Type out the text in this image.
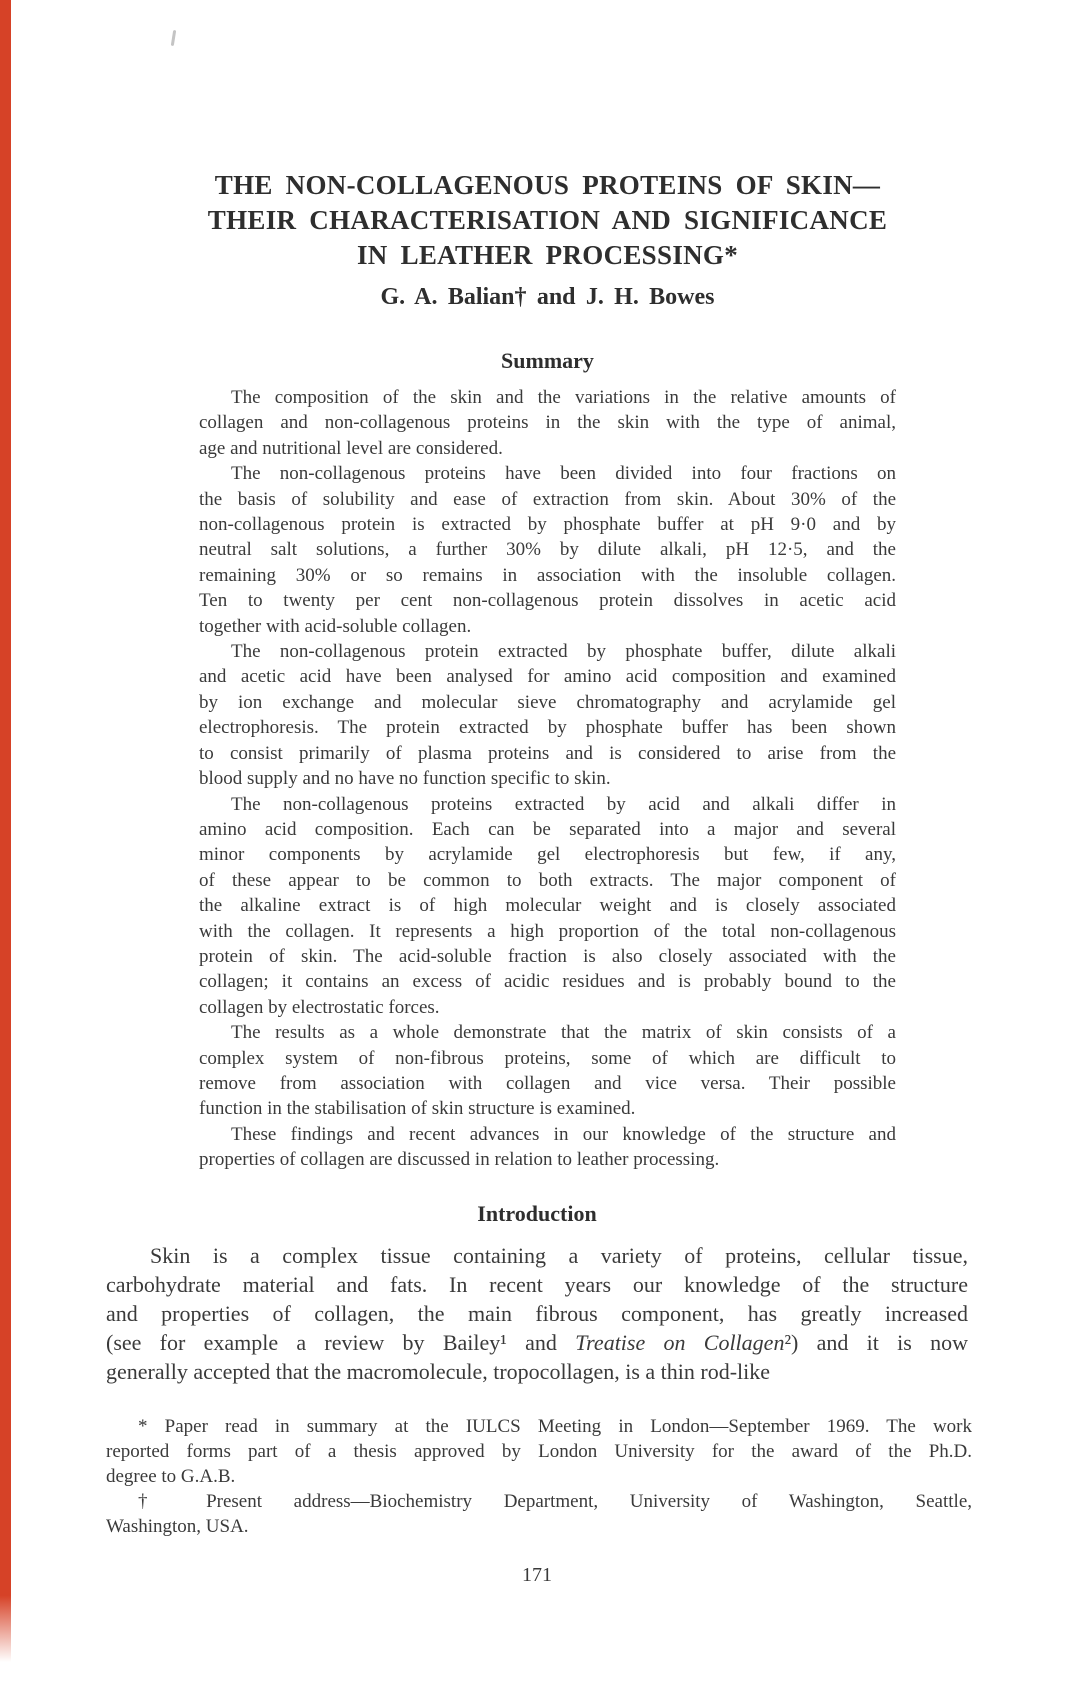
THE NON-COLLAGENOUS PROTEINS OF SKIN—
THEIR CHARACTERISATION AND SIGNIFICANCE
IN LEATHER PROCESSING*
G. A. Balian† and J. H. Bowes
Summary
The composition of the skin and the variations in the relative amounts of
collagen and non-collagenous proteins in the skin with the type of animal,
age and nutritional level are considered.
The non-collagenous proteins have been divided into four fractions on
the basis of solubility and ease of extraction from skin. About 30% of the
non-collagenous protein is extracted by phosphate buffer at pH 9·0 and by
neutral salt solutions, a further 30% by dilute alkali, pH 12·5, and the
remaining 30% or so remains in association with the insoluble collagen.
Ten to twenty per cent non-collagenous protein dissolves in acetic acid
together with acid-soluble collagen.
The non-collagenous protein extracted by phosphate buffer, dilute alkali
and acetic acid have been analysed for amino acid composition and examined
by ion exchange and molecular sieve chromatography and acrylamide gel
electrophoresis. The protein extracted by phosphate buffer has been shown
to consist primarily of plasma proteins and is considered to arise from the
blood supply and no have no function specific to skin.
The non-collagenous proteins extracted by acid and alkali differ in
amino acid composition. Each can be separated into a major and several
minor components by acrylamide gel electrophoresis but few, if any,
of these appear to be common to both extracts. The major component of
the alkaline extract is of high molecular weight and is closely associated
with the collagen. It represents a high proportion of the total non-collagenous
protein of skin. The acid-soluble fraction is also closely associated with the
collagen; it contains an excess of acidic residues and is probably bound to the
collagen by electrostatic forces.
The results as a whole demonstrate that the matrix of skin consists of a
complex system of non-fibrous proteins, some of which are difficult to
remove from association with collagen and vice versa. Their possible
function in the stabilisation of skin structure is examined.
These findings and recent advances in our knowledge of the structure and
properties of collagen are discussed in relation to leather processing.
Introduction
Skin is a complex tissue containing a variety of proteins, cellular tissue,
carbohydrate material and fats. In recent years our knowledge of the structure
and properties of collagen, the main fibrous component, has greatly increased
(see for example a review by Bailey¹ and Treatise on Collagen²) and it is now
generally accepted that the macromolecule, tropocollagen, is a thin rod-like
* Paper read in summary at the IULCS Meeting in London—September 1969. The work
reported forms part of a thesis approved by London University for the award of the Ph.D.
degree to G.A.B.
† Present address—Biochemistry Department, University of Washington, Seattle,
Washington, USA.
171
